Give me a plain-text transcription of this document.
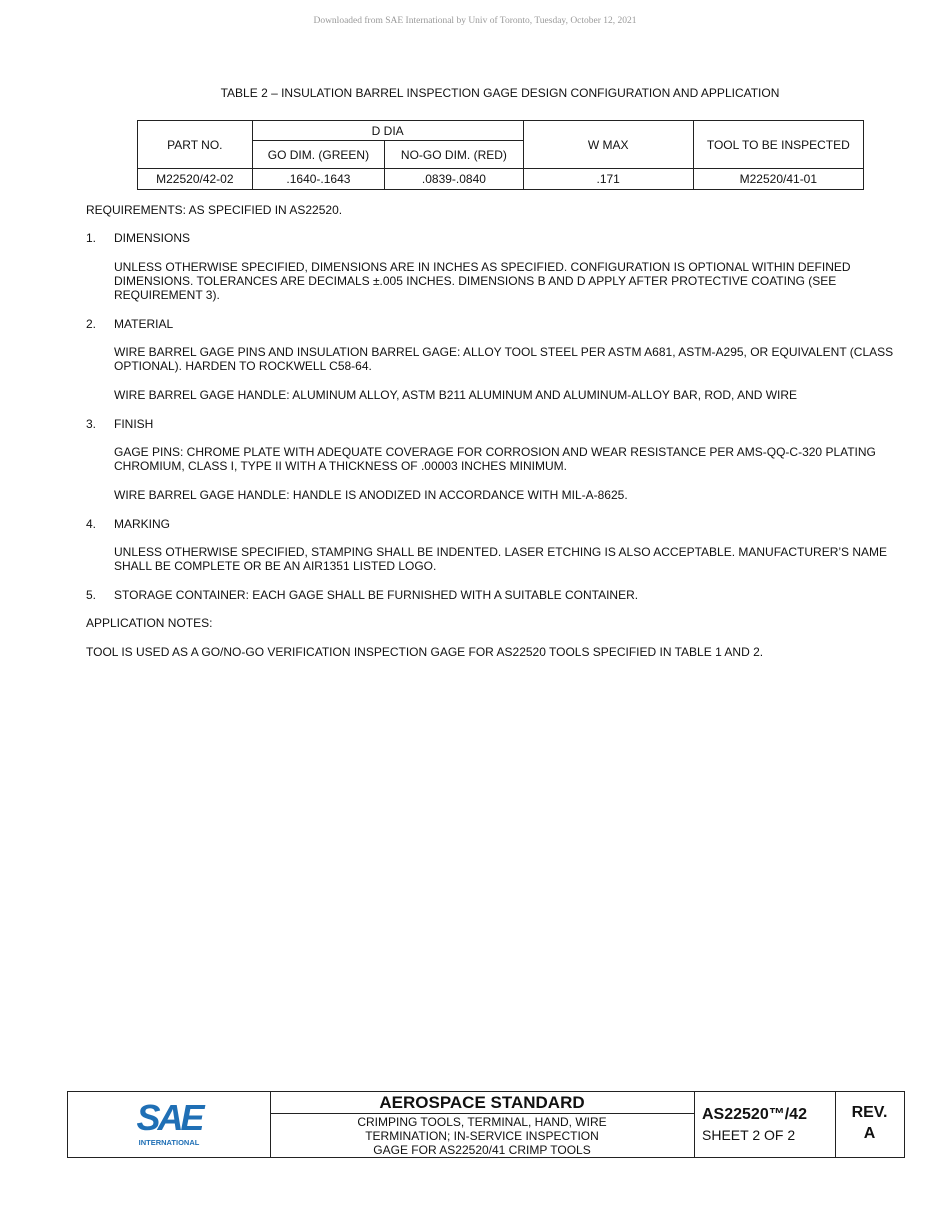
Downloaded from SAE International by Univ of Toronto, Tuesday, October 12, 2021
TABLE 2 – INSULATION BARREL INSPECTION GAGE DESIGN CONFIGURATION AND APPLICATION
PART NO.	D DIA		W MAX	TOOL TO BE INSPECTED
	GO DIM. (GREEN)	NO-GO DIM. (RED)		
M22520/42-02	.1640-.1643	.0839-.0840	.171	M22520/41-01
REQUIREMENTS: AS SPECIFIED IN AS22520.
1. DIMENSIONS
UNLESS OTHERWISE SPECIFIED, DIMENSIONS ARE IN INCHES AS SPECIFIED. CONFIGURATION IS OPTIONAL WITHIN DEFINED DIMENSIONS. TOLERANCES ARE DECIMALS ±.005 INCHES. DIMENSIONS B AND D APPLY AFTER PROTECTIVE COATING (SEE REQUIREMENT 3).
2. MATERIAL
WIRE BARREL GAGE PINS AND INSULATION BARREL GAGE: ALLOY TOOL STEEL PER ASTM A681, ASTM-A295, OR EQUIVALENT (CLASS OPTIONAL). HARDEN TO ROCKWELL C58-64.
WIRE BARREL GAGE HANDLE: ALUMINUM ALLOY, ASTM B211 ALUMINUM AND ALUMINUM-ALLOY BAR, ROD, AND WIRE
3. FINISH
GAGE PINS: CHROME PLATE WITH ADEQUATE COVERAGE FOR CORROSION AND WEAR RESISTANCE PER AMS-QQ-C-320 PLATING CHROMIUM, CLASS I, TYPE II WITH A THICKNESS OF .00003 INCHES MINIMUM.
WIRE BARREL GAGE HANDLE: HANDLE IS ANODIZED IN ACCORDANCE WITH MIL-A-8625.
4. MARKING
UNLESS OTHERWISE SPECIFIED, STAMPING SHALL BE INDENTED. LASER ETCHING IS ALSO ACCEPTABLE. MANUFACTURER’S NAME SHALL BE COMPLETE OR BE AN AIR1351 LISTED LOGO.
5. STORAGE CONTAINER: EACH GAGE SHALL BE FURNISHED WITH A SUITABLE CONTAINER.
APPLICATION NOTES:
TOOL IS USED AS A GO/NO-GO VERIFICATION INSPECTION GAGE FOR AS22520 TOOLS SPECIFIED IN TABLE 1 AND 2.
SAE
INTERNATIONAL
AEROSPACE STANDARD
CRIMPING TOOLS, TERMINAL, HAND, WIRE
TERMINATION; IN-SERVICE INSPECTION
GAGE FOR AS22520/41 CRIMP TOOLS
AS22520™/42
SHEET 2 OF 2
REV.
A
